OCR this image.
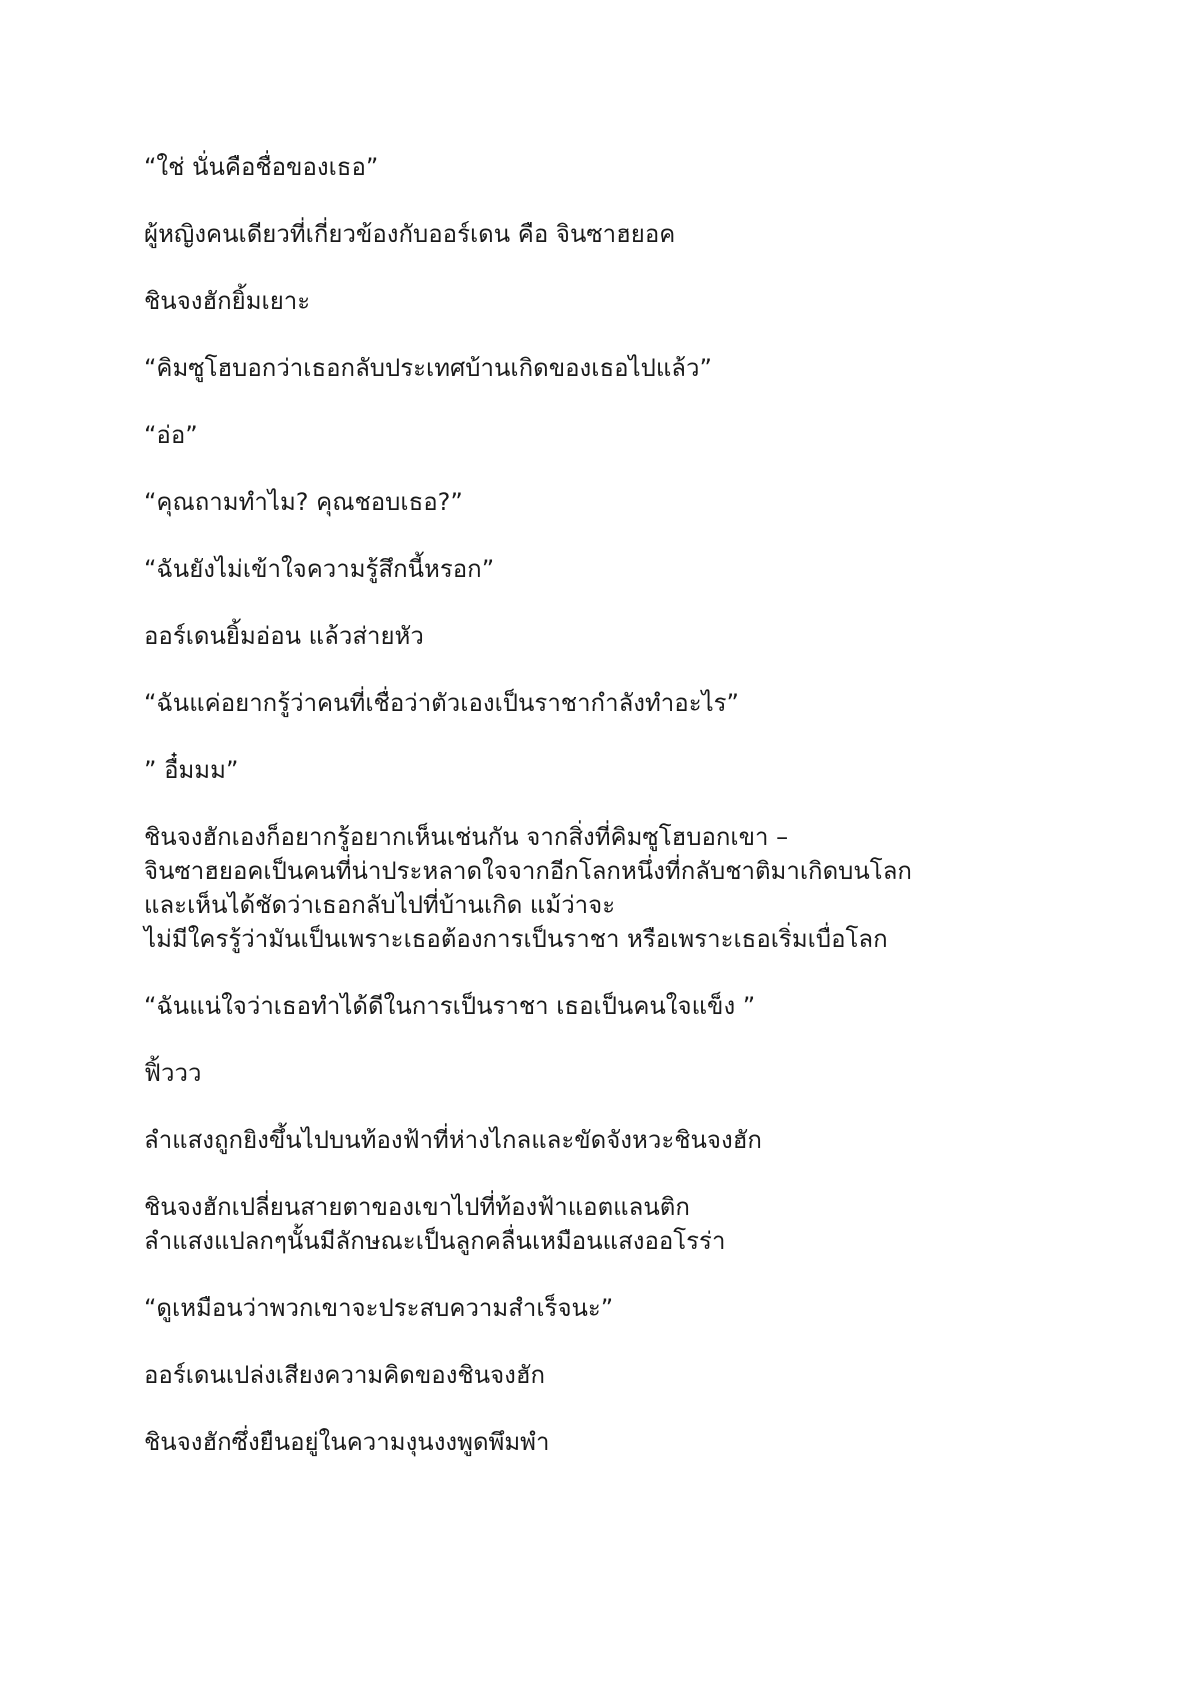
“ใช่ นั่นคือชื่อของเธอ”

ผู้หญิงคนเดียวที่เกี่ยวข้องกับออร์เดน คือ จินซาฮยอค

ชินจงฮักยิ้มเยาะ

“คิมซูโฮบอกว่าเธอกลับประเทศบ้านเกิดของเธอไปแล้ว”

“อ่อ”

“คุณถามทำไม? คุณชอบเธอ?”

“ฉันยังไม่เข้าใจความรู้สึกนี้หรอก”

ออร์เดนยิ้มอ่อน แล้วส่ายหัว

“ฉันแค่อยากรู้ว่าคนที่เชื่อว่าตัวเองเป็นราชากำลังทำอะไร”

” อื๋มมม”

ชินจงฮักเองก็อยากรู้อยากเห็นเช่นกัน จากสิ่งที่คิมซูโฮบอกเขา –
จินซาฮยอคเป็นคนที่น่าประหลาดใจจากอีกโลกหนึ่งที่กลับชาติมาเกิดบนโลก
และเห็นได้ชัดว่าเธอกลับไปที่บ้านเกิด แม้ว่าจะ
ไม่มีใครรู้ว่ามันเป็นเพราะเธอต้องการเป็นราชา หรือเพราะเธอเริ่มเบื่อโลก

“ฉันแน่ใจว่าเธอทำได้ดีในการเป็นราชา เธอเป็นคนใจแข็ง ”

ฟิ้ววว

ลำแสงถูกยิงขึ้นไปบนท้องฟ้าที่ห่างไกลและขัดจังหวะชินจงฮัก

ชินจงฮักเปลี่ยนสายตาของเขาไปที่ท้องฟ้าแอตแลนติก
ลำแสงแปลกๆนั้นมีลักษณะเป็นลูกคลื่นเหมือนแสงออโรร่า

“ดูเหมือนว่าพวกเขาจะประสบความสำเร็จนะ”

ออร์เดนเปล่งเสียงความคิดของชินจงฮัก

ชินจงฮักซึ่งยืนอยู่ในความงุนงงพูดพึมพำ
